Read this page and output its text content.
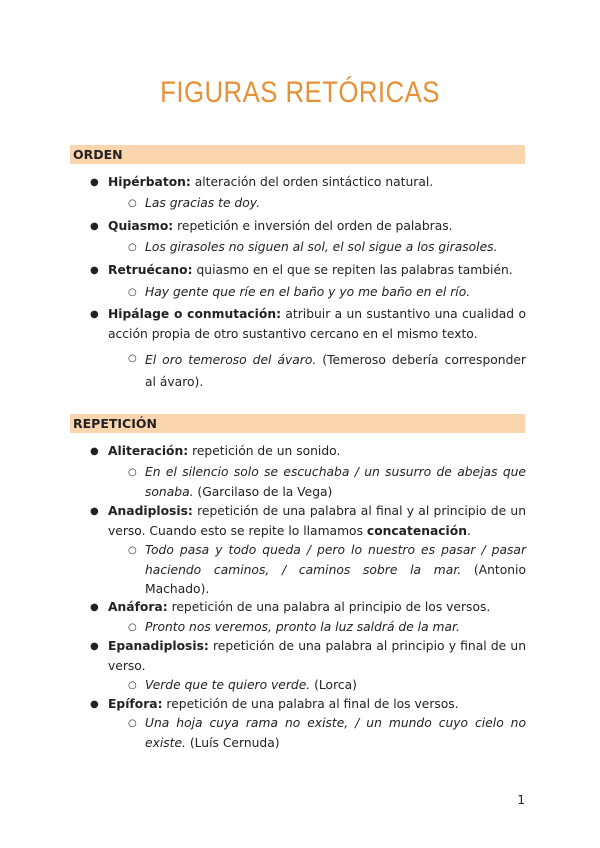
FIGURAS RETÓRICAS
ORDEN
● Hipérbaton: alteración del orden sintáctico natural.
○ Las gracias te doy.
● Quiasmo: repetición e inversión del orden de palabras.
○ Los girasoles no siguen al sol, el sol sigue a los girasoles.
● Retruécano: quiasmo en el que se repiten las palabras también.
○ Hay gente que ríe en el baño y yo me baño en el río.
● Hipálage o conmutación: atribuir a un sustantivo una cualidad o acción propia de otro sustantivo cercano en el mismo texto.
○ El oro temeroso del ávaro. (Temeroso debería corresponder al ávaro).
REPETICIÓN
● Aliteración: repetición de un sonido.
○ En el silencio solo se escuchaba / un susurro de abejas que sonaba. (Garcilaso de la Vega)
● Anadiplosis: repetición de una palabra al final y al principio de un verso. Cuando esto se repite lo llamamos concatenación.
○ Todo pasa y todo queda / pero lo nuestro es pasar / pasar haciendo caminos, / caminos sobre la mar. (Antonio Machado).
● Anáfora: repetición de una palabra al principio de los versos.
○ Pronto nos veremos, pronto la luz saldrá de la mar.
● Epanadiplosis: repetición de una palabra al principio y final de un verso.
○ Verde que te quiero verde. (Lorca)
● Epífora: repetición de una palabra al final de los versos.
○ Una hoja cuya rama no existe, / un mundo cuyo cielo no existe. (Luís Cernuda)
1
